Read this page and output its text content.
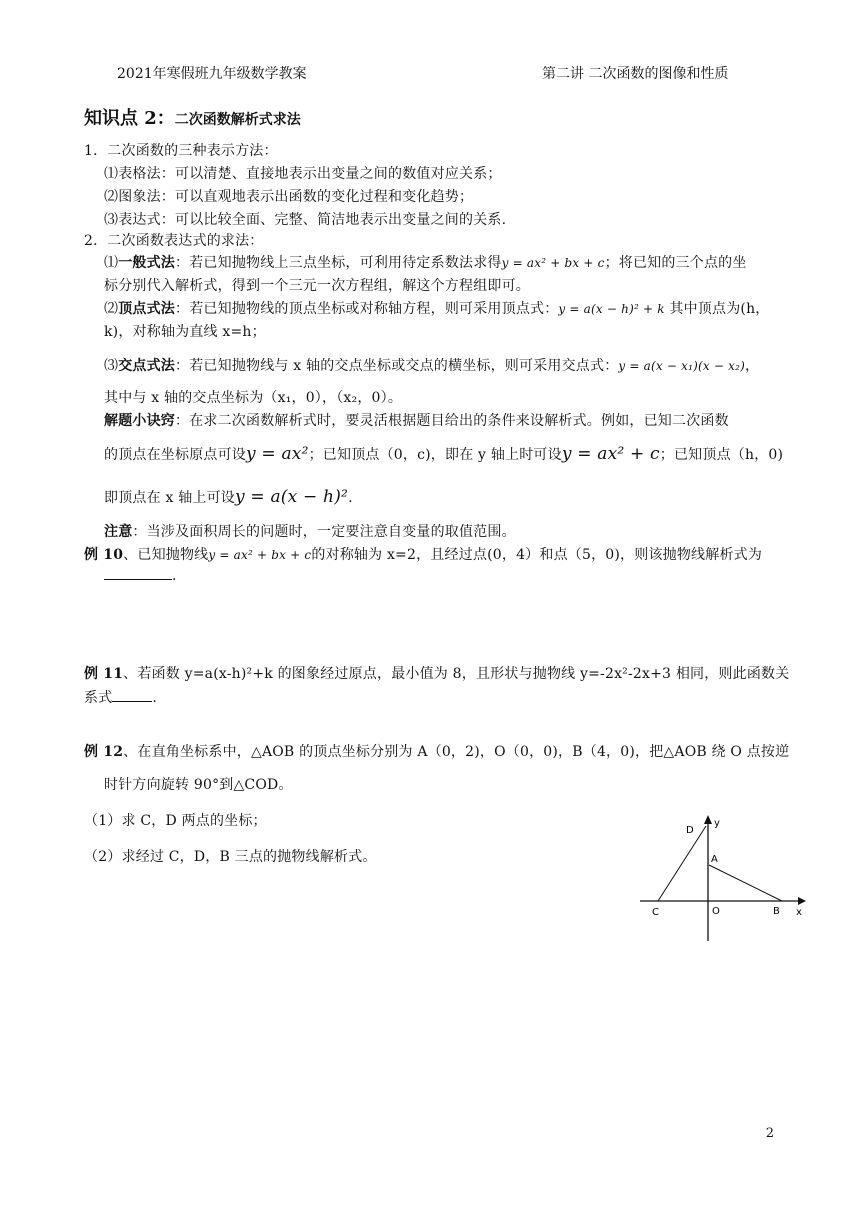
2021年寒假班九年级数学教案	第二讲 二次函数的图像和性质
知识点 2：二次函数解析式求法
1．二次函数的三种表示方法：
⑴表格法：可以清楚、直接地表示出变量之间的数值对应关系；
⑵图象法：可以直观地表示出函数的变化过程和变化趋势；
⑶表达式：可以比较全面、完整、简洁地表示出变量之间的关系.
2．二次函数表达式的求法：
⑴一般式法：若已知抛物线上三点坐标，可利用待定系数法求得y = ax² + bx + c；将已知的三个点的坐
标分别代入解析式，得到一个三元一次方程组，解这个方程组即可。
⑵顶点式法：若已知抛物线的顶点坐标或对称轴方程，则可采用顶点式：y = a(x − h)² + k 其中顶点为(h，
k)，对称轴为直线 x=h；
⑶交点式法：若已知抛物线与 x 轴的交点坐标或交点的横坐标，则可采用交点式：y = a(x − x₁)(x − x₂)，
其中与 x 轴的交点坐标为（x₁，0），（x₂，0）。
解题小诀窍：在求二次函数解析式时，要灵活根据题目给出的条件来设解析式。例如，已知二次函数
的顶点在坐标原点可设y = ax²；已知顶点（0，c)，即在 y 轴上时可设y = ax² + c；已知顶点（h，0)
即顶点在 x 轴上可设y = a(x − h)².
注意：当涉及面积周长的问题时，一定要注意自变量的取值范围。
例 10、已知抛物线y = ax² + bx + c的对称轴为 x=2，且经过点(0，4）和点（5，0)，则该抛物线解析式为
.
例 11、若函数 y=a(x-h)²+k 的图象经过原点，最小值为 8，且形状与抛物线 y=-2x²-2x+3 相同，则此函数关
系式	.
例 12、在直角坐标系中，△AOB 的顶点坐标分别为 A（0，2)，O（0，0)，B（4，0)，把△AOB 绕 O 点按逆
时针方向旋转 90°到△COD。
（1）求 C，D 两点的坐标；
（2）求经过 C，D，B 三点的抛物线解析式。
D
y
A
C	O	B x
2
